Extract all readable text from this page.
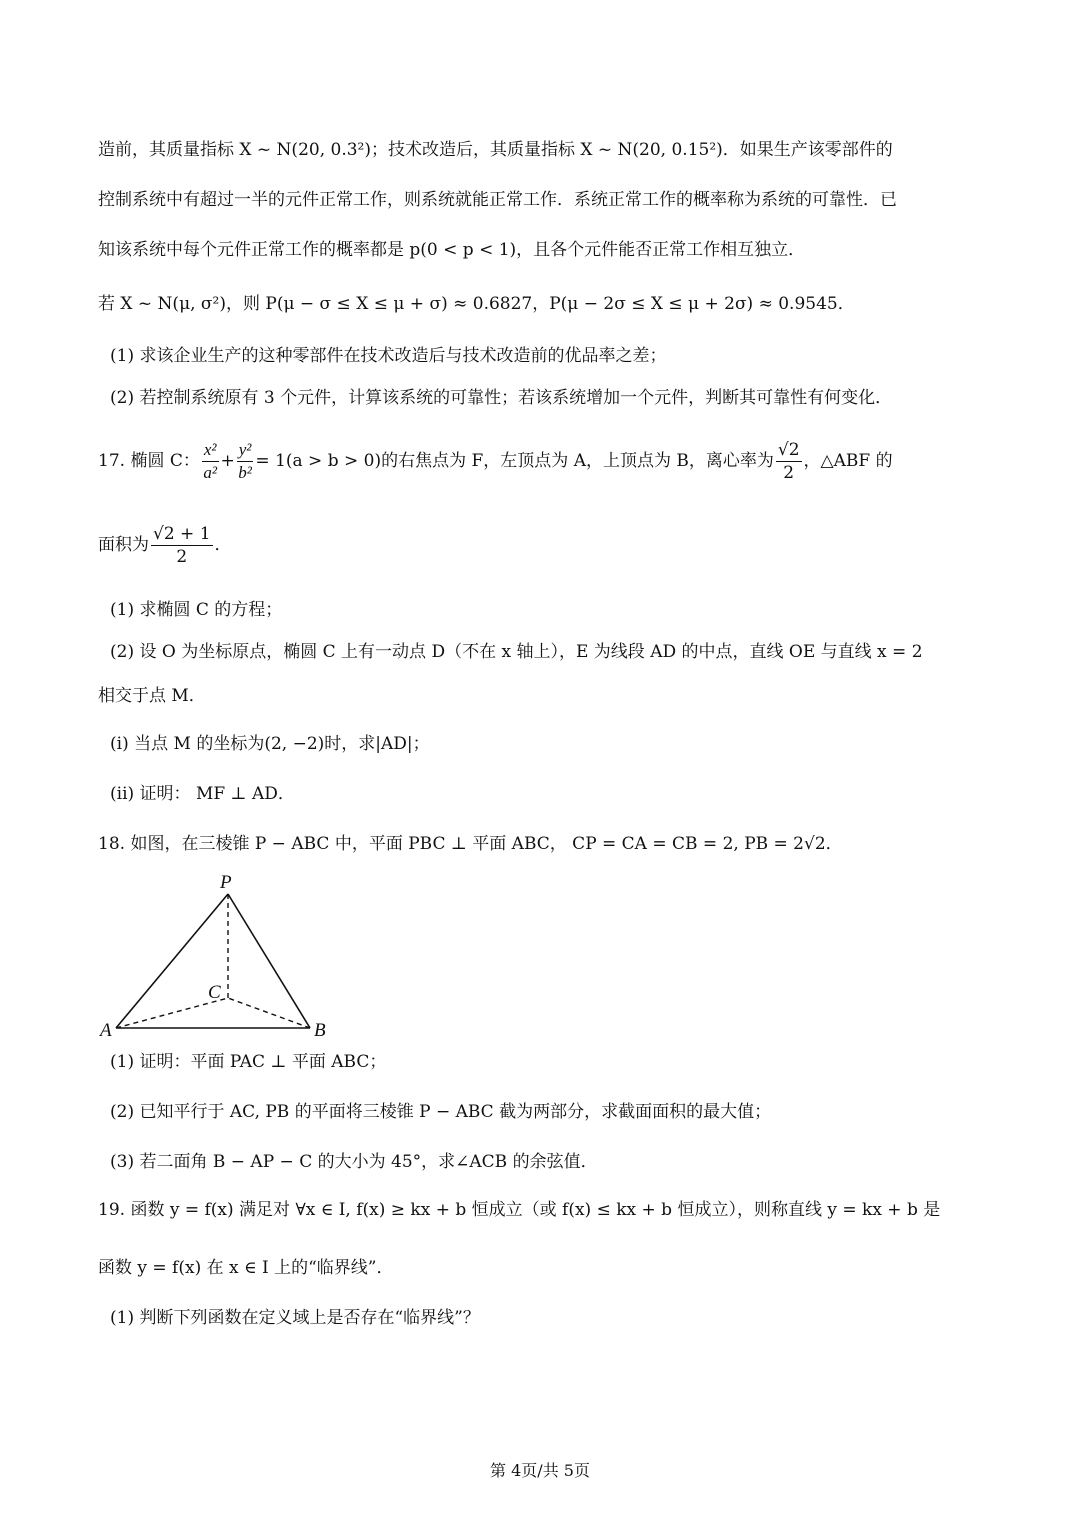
造前，其质量指标 X ~ N(20, 0.3²)；技术改造后，其质量指标 X ~ N(20, 0.15²)．如果生产该零部件的
控制系统中有超过一半的元件正常工作，则系统就能正常工作．系统正常工作的概率称为系统的可靠性．已
知该系统中每个元件正常工作的概率都是 p(0 < p < 1)，且各个元件能否正常工作相互独立．
若 X ~ N(μ, σ²)，则 P(μ − σ ≤ X ≤ μ + σ) ≈ 0.6827，P(μ − 2σ ≤ X ≤ μ + 2σ) ≈ 0.9545．
(1) 求该企业生产的这种零部件在技术改造后与技术改造前的优品率之差；
(2) 若控制系统原有 3 个元件，计算该系统的可靠性；若该系统增加一个元件，判断其可靠性有何变化．
17. 椭圆 C： $\frac{\text{x²}}{\text{a²}} + \frac{\text{y²}}{\text{b²}} = 1(a > b > 0)$的右焦点为 F，左顶点为 A，上顶点为 B，离心率为 $\frac{√2}{2}$ ，△ABF 的
面积为 $\frac{√2 + 1}{2}$ ．
(1) 求椭圆 C 的方程；
(2) 设 O 为坐标原点，椭圆 C 上有一动点 D（不在 x 轴上），E 为线段 AD 的中点，直线 OE 与直线 x = 2
相交于点 M．
(i) 当点 M 的坐标为(2, −2)时，求|AD|；
(ii) 证明： MF ⊥ AD．
18. 如图，在三棱锥 P − ABC 中，平面 PBC ⊥ 平面 ABC， CP = CA = CB = 2, PB = 2√2．
P
A	B
C
(1) 证明：平面 PAC ⊥ 平面 ABC；
(2) 已知平行于 AC, PB 的平面将三棱锥 P − ABC 截为两部分，求截面面积的最大值；
(3) 若二面角 B − AP − C 的大小为 45°，求∠ACB 的余弦值．
19. 函数 y = f(x) 满足对 ∀x ∈ I, f(x) ≥ kx + b 恒成立（或 f(x) ≤ kx + b 恒成立），则称直线 y = kx + b 是
函数 y = f(x) 在 x ∈ I 上的“临界线”．
(1) 判断下列函数在定义域上是否存在“临界线”？
第 4页/共 5页
